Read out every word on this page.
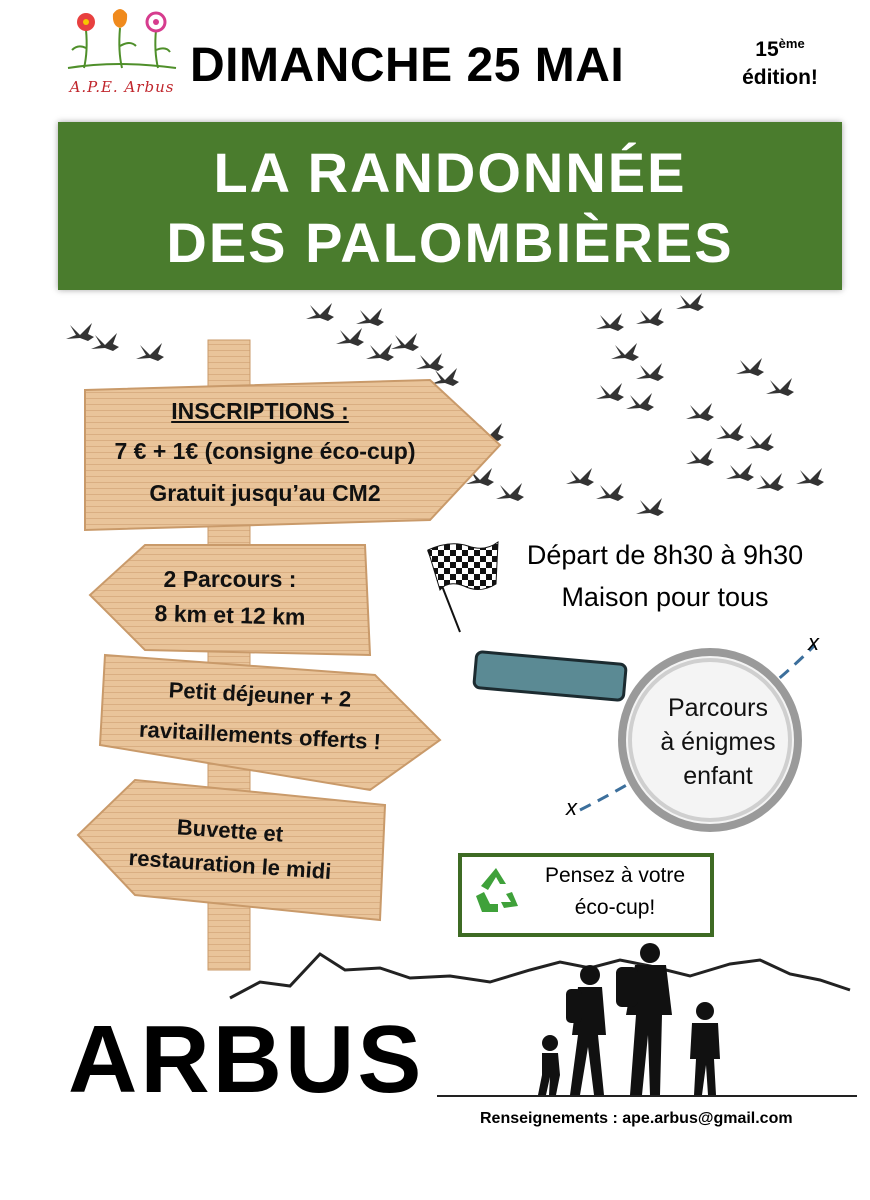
A.P.E. Arbus DIMANCHE 25 MAI	15ème
édition!
LA RANDONNÉE
DES PALOMBIÈRES
INSCRIPTIONS :
7 € + 1€ (consigne éco-cup)
Gratuit jusqu’au CM2
2 Parcours :
8 km et 12 km
Petit déjeuner + 2
ravitaillements offerts !
Buvette et
restauration le midi
Départ de 8h30 à 9h30
Maison pour tous
x
x
Parcours
à énigmes
enfant
Pensez à votre
éco-cup!
ARBUS
Renseignements : ape.arbus@gmail.com
